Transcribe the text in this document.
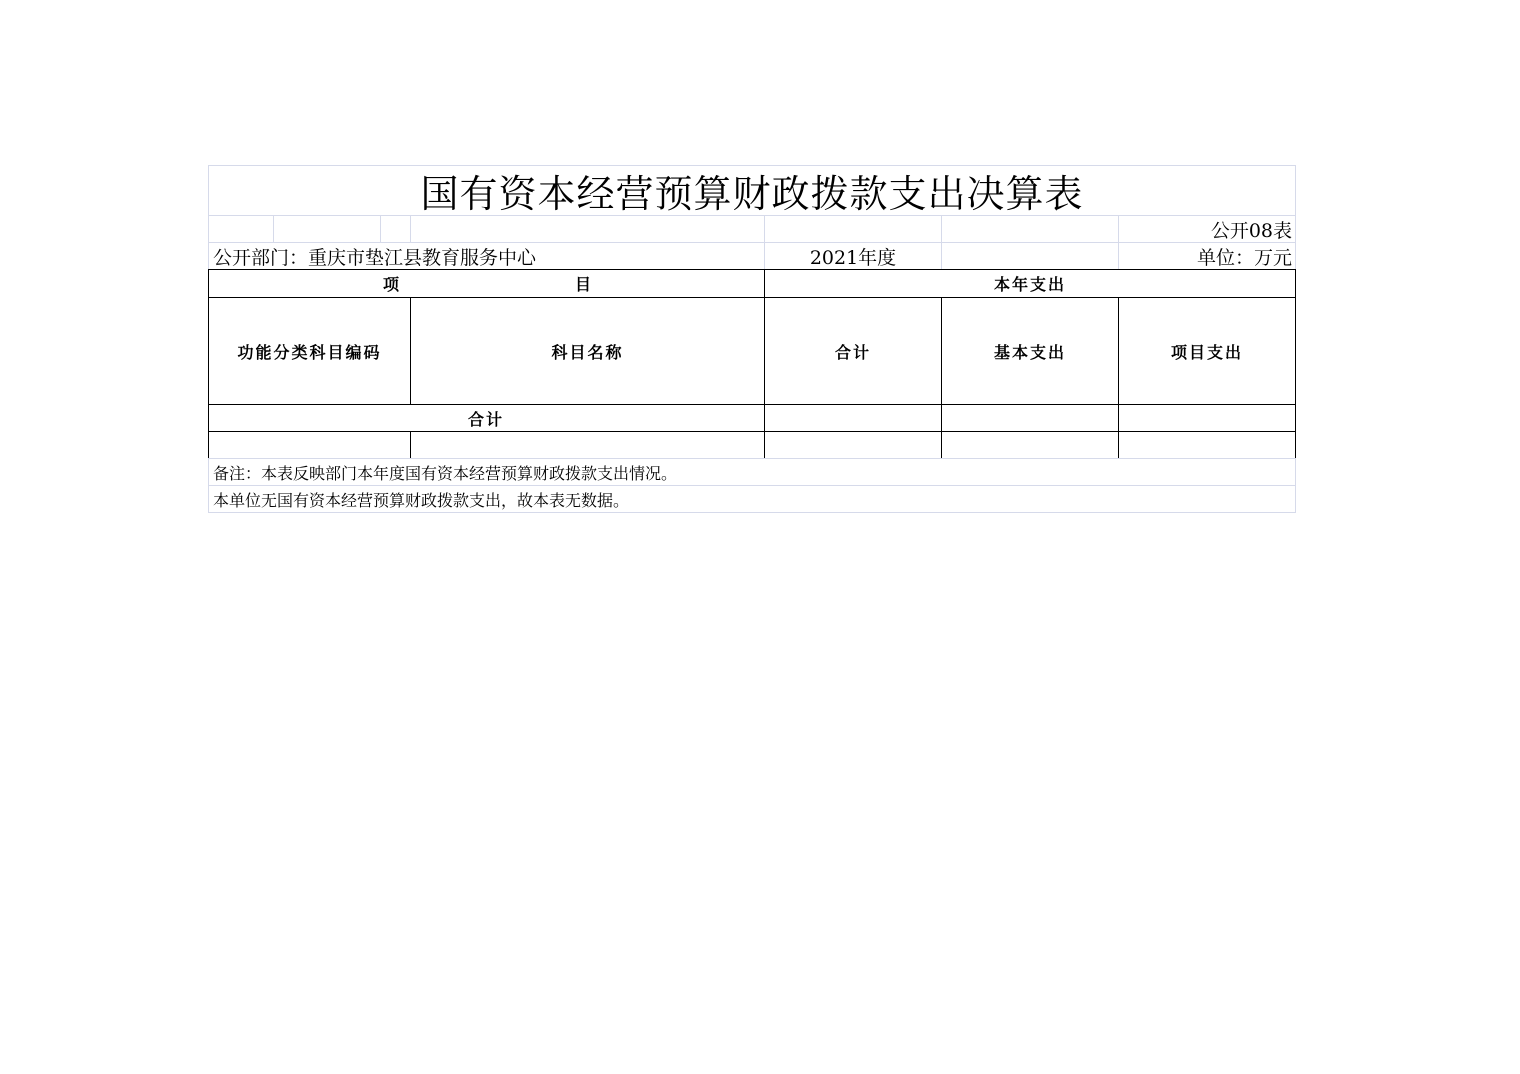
国有资本经营预算财政拨款支出决算表
公开08表
公开部门：重庆市垫江县教育服务中心	2021年度	单位：万元
项	目	本年支出
功能分类科目编码	科目名称	合计	基本支出	项目支出
合计
备注：本表反映部门本年度国有资本经营预算财政拨款支出情况。
本单位无国有资本经营预算财政拨款支出，故本表无数据。
